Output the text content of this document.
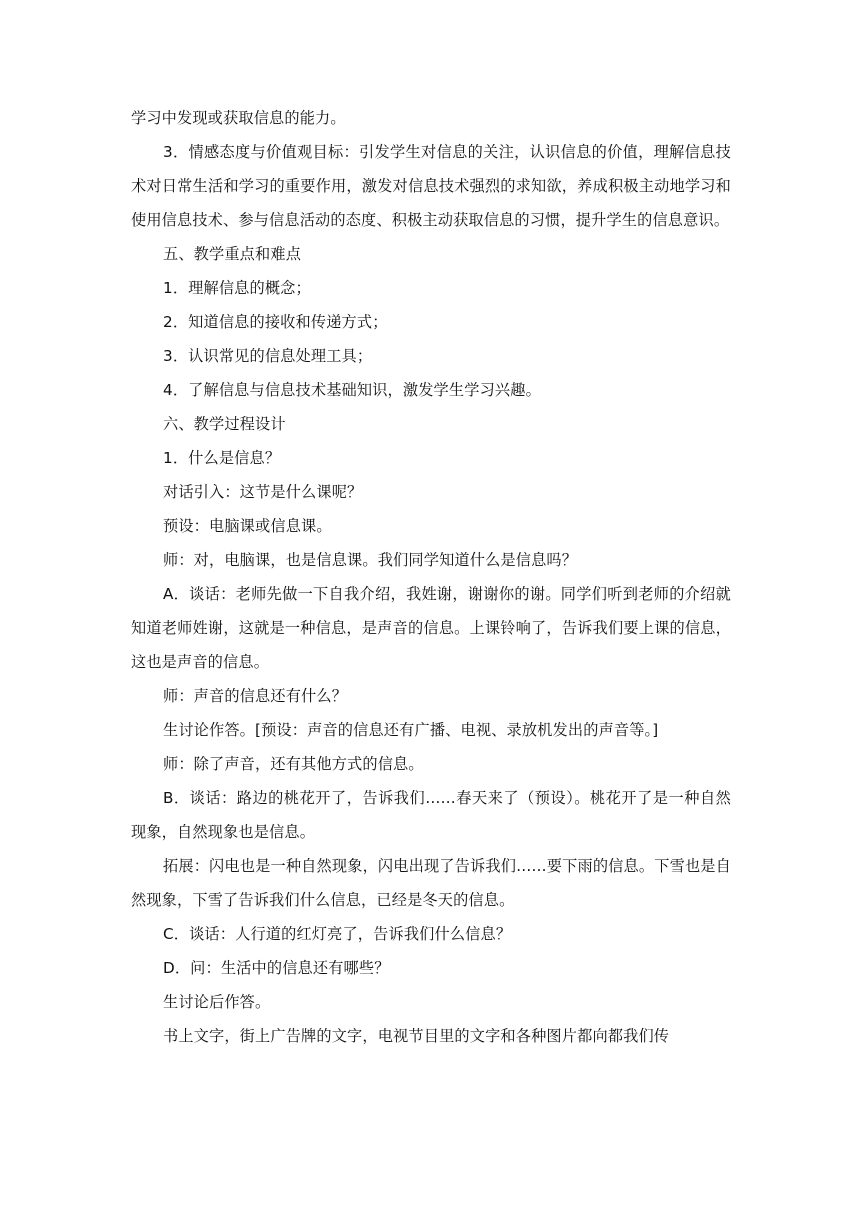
学习中发现或获取信息的能力。

3．情感态度与价值观目标：引发学生对信息的关注，认识信息的价值，理解信息技术对日常生活和学习的重要作用，激发对信息技术强烈的求知欲，养成积极主动地学习和使用信息技术、参与信息活动的态度、积极主动获取信息的习惯，提升学生的信息意识。

五、教学重点和难点

1．理解信息的概念；

2．知道信息的接收和传递方式；

3．认识常见的信息处理工具；

4．了解信息与信息技术基础知识，激发学生学习兴趣。

六、教学过程设计

1．什么是信息？

对话引入：这节是什么课呢？

预设：电脑课或信息课。

师：对，电脑课，也是信息课。我们同学知道什么是信息吗？

A．谈话：老师先做一下自我介绍，我姓谢，谢谢你的谢。同学们听到老师的介绍就知道老师姓谢，这就是一种信息，是声音的信息。上课铃响了，告诉我们要上课的信息，这也是声音的信息。

师：声音的信息还有什么？

生讨论作答。[预设：声音的信息还有广播、电视、录放机发出的声音等。]

师：除了声音，还有其他方式的信息。

B．谈话：路边的桃花开了，告诉我们……春天来了（预设）。桃花开了是一种自然现象，自然现象也是信息。

拓展：闪电也是一种自然现象，闪电出现了告诉我们……要下雨的信息。下雪也是自然现象，下雪了告诉我们什么信息，已经是冬天的信息。

C．谈话：人行道的红灯亮了，告诉我们什么信息？

D．问：生活中的信息还有哪些？

生讨论后作答。

书上文字，街上广告牌的文字，电视节目里的文字和各种图片都向都我们传
